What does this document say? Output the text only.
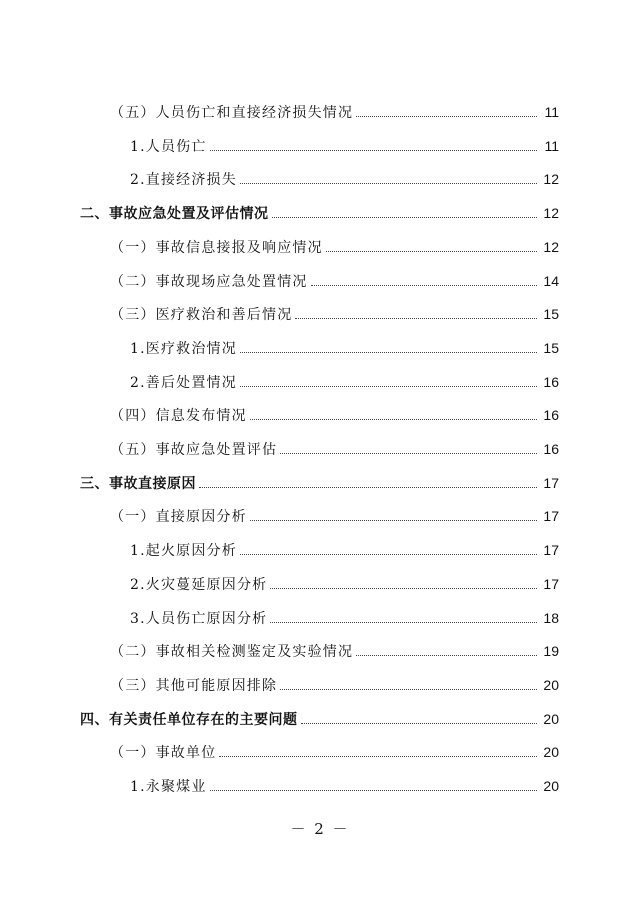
（五）人员伤亡和直接经济损失情况	11
1.人员伤亡	11
2.直接经济损失	12
二、事故应急处置及评估情况	12
（一）事故信息接报及响应情况	12
（二）事故现场应急处置情况	14
（三）医疗救治和善后情况	15
1.医疗救治情况	15
2.善后处置情况	16
（四）信息发布情况	16
（五）事故应急处置评估	16
三、事故直接原因	17
（一）直接原因分析	17
1.起火原因分析	17
2.火灾蔓延原因分析	17
3.人员伤亡原因分析	18
（二）事故相关检测鉴定及实验情况	19
（三）其他可能原因排除	20
四、有关责任单位存在的主要问题	20
（一）事故单位	20
1.永聚煤业	20
－ 2 －
